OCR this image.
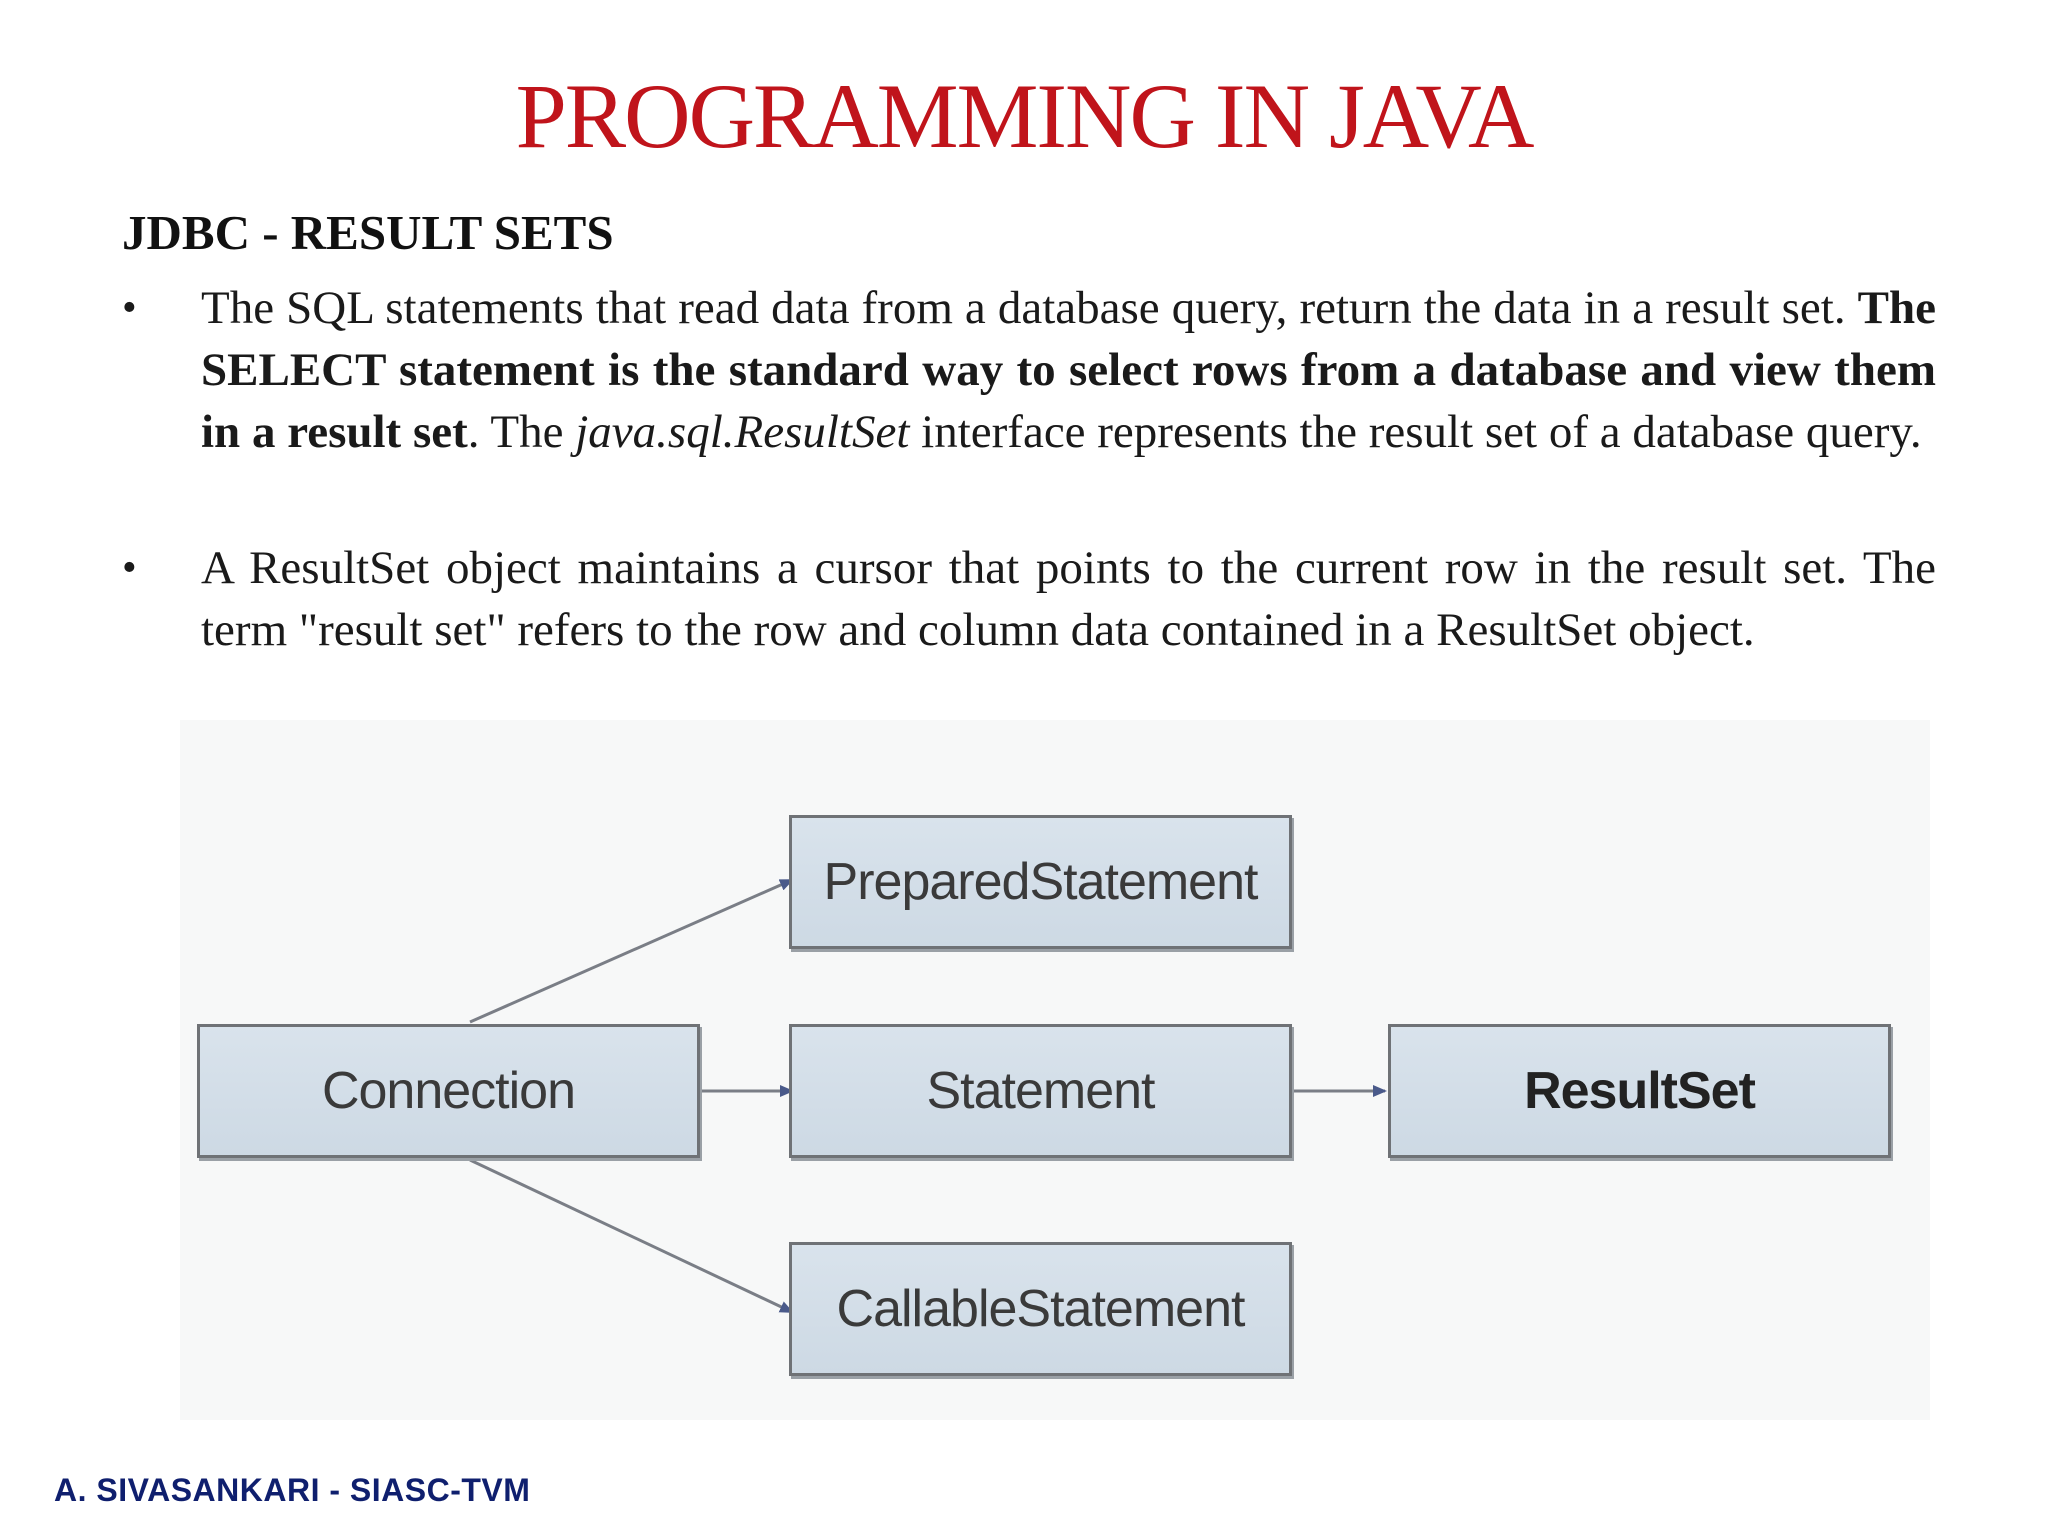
PROGRAMMING IN JAVA
JDBC - RESULT SETS
•	The SQL statements that read data from a database query, return the data in a result set. The SELECT statement is the standard way to select rows from a database and view them in a result set. The java.sql.ResultSet interface represents the result set of a database query.
•	A ResultSet object maintains a cursor that points to the current row in the result set. The term "result set" refers to the row and column data contained in a ResultSet object.
Connection
PreparedStatement
Statement
CallableStatement
ResultSet
A. SIVASANKARI - SIASC-TVM
